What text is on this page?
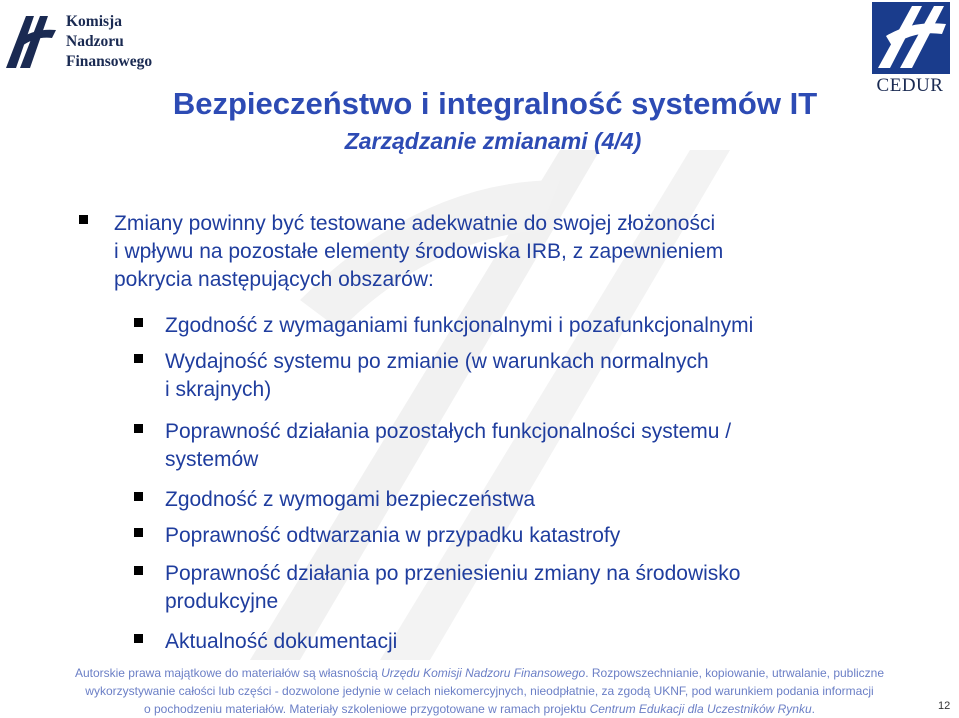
Komisja
Nadzoru
Finansowego
CEDUR
Bezpieczeństwo i integralność systemów IT
Zarządzanie zmianami (4/4)
Zmiany powinny być testowane adekwatnie do swojej złożoności
i wpływu na pozostałe elementy środowiska IRB, z zapewnieniem
pokrycia następujących obszarów:
Zgodność z wymaganiami funkcjonalnymi i pozafunkcjonalnymi
Wydajność systemu po zmianie (w warunkach normalnych
i skrajnych)
Poprawność działania pozostałych funkcjonalności systemu /
systemów
Zgodność z wymogami bezpieczeństwa
Poprawność odtwarzania w przypadku katastrofy
Poprawność działania po przeniesieniu zmiany na środowisko
produkcyjne
Aktualność dokumentacji
Autorskie prawa majątkowe do materiałów są własnością Urzędu Komisji Nadzoru Finansowego. Rozpowszechnianie, kopiowanie, utrwalanie, publiczne
wykorzystywanie całości lub części - dozwolone jedynie w celach niekomercyjnych, nieodpłatnie, za zgodą UKNF, pod warunkiem podania informacji
o pochodzeniu materiałów. Materiały szkoleniowe przygotowane w ramach projektu Centrum Edukacji dla Uczestników Rynku.	12
